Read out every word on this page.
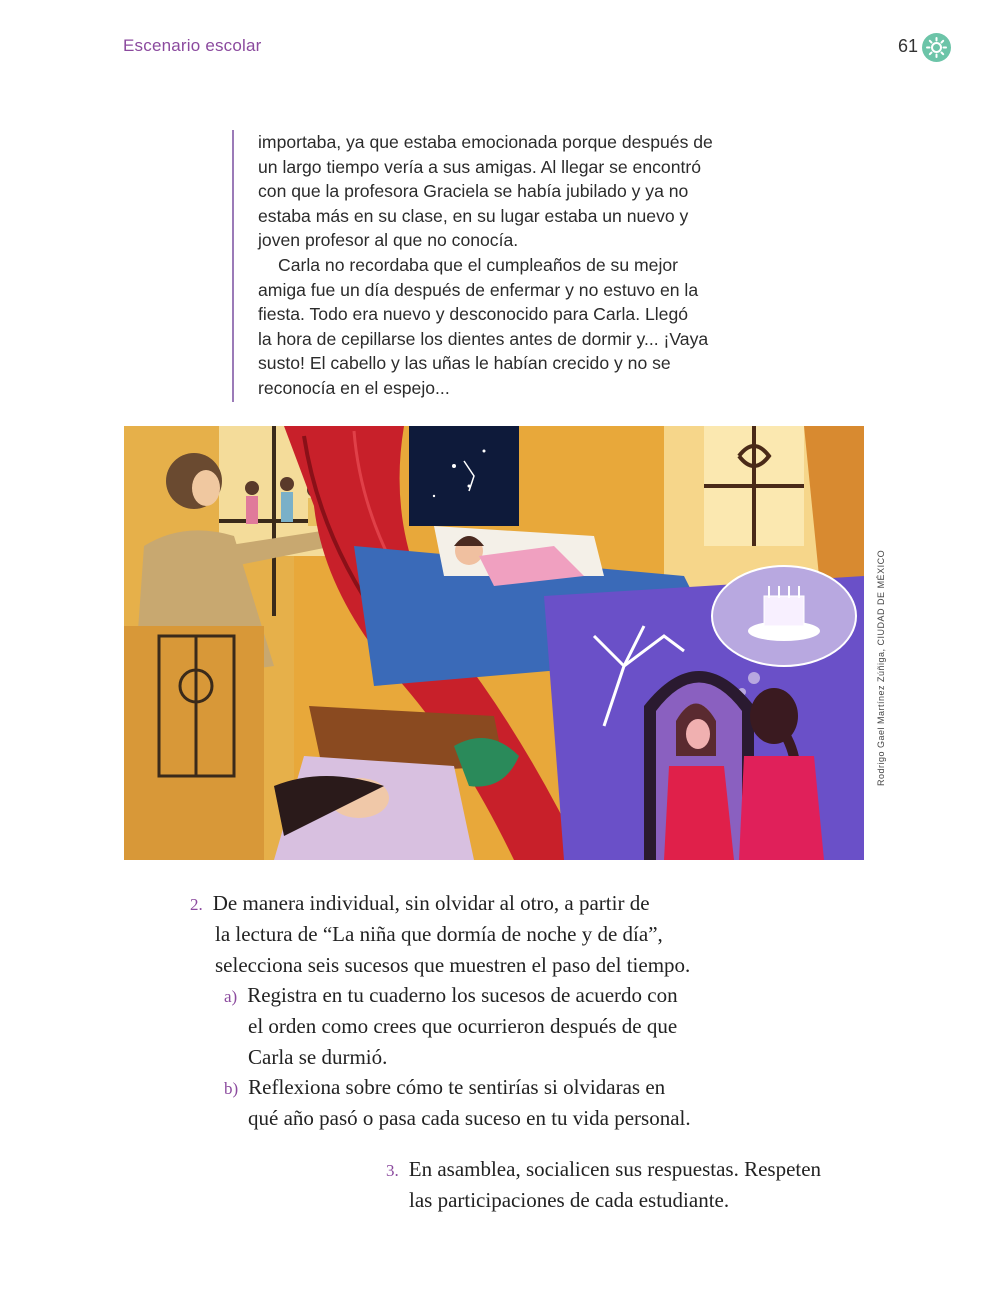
Escenario escolar	61

importaba, ya que estaba emocionada porque después de
un largo tiempo vería a sus amigas. Al llegar se encontró
con que la profesora Graciela se había jubilado y ya no
estaba más en su clase, en su lugar estaba un nuevo y
joven profesor al que no conocía.

Carla no recordaba que el cumpleaños de su mejor
amiga fue un día después de enfermar y no estuvo en la
fiesta. Todo era nuevo y desconocido para Carla. Llegó
la hora de cepillarse los dientes antes de dormir y... ¡Vaya
susto! El cabello y las uñas le habían crecido y no se
reconocía en el espejo...

Rodrigo Gael Martínez Zúñiga, CIUDAD DE MÉXICO
2. De manera individual, sin olvidar al otro, a partir de
la lectura de “La niña que dormía de noche y de día”,
selecciona seis sucesos que muestren el paso del tiempo.
a) Registra en tu cuaderno los sucesos de acuerdo con
el orden como crees que ocurrieron después de que
Carla se durmió.
b) Reflexiona sobre cómo te sentirías si olvidaras en
qué año pasó o pasa cada suceso en tu vida personal.
3. En asamblea, socialicen sus respuestas. Respeten
las participaciones de cada estudiante.
